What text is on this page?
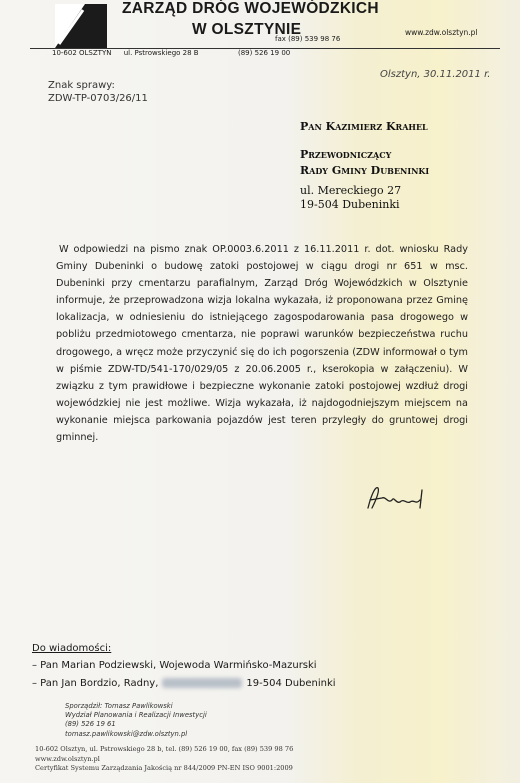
ZARZĄD DRÓG WOJEWÓDZKICH
W OLSZTYNIE
fax (89) 539 98 76
www.zdw.olsztyn.pl
10-602 OLSZTYN ul. Pstrowskiego 28 B	(89) 526 19 00
Znak sprawy:
ZDW-TP-0703/26/11
Olsztyn, 30.11.2011 r.
Pan Kazimierz Krahel
Przewodniczący
Rady Gminy Dubeninki
ul. Mereckiego 27
19-504 Dubeninki

W odpowiedzi na pismo znak OP.0003.6.2011 z 16.11.2011 r. dot. wniosku Rady Gminy Dubeninki o budowę zatoki postojowej w ciągu drogi nr 651 w msc. Dubeninki przy cmentarzu parafialnym, Zarząd Dróg Wojewódzkich w Olsztynie informuje, że przeprowadzona wizja lokalna wykazała, iż proponowana przez Gminę lokalizacja, w odniesieniu do istniejącego zagospodarowania pasa drogowego w pobliżu przedmiotowego cmentarza, nie poprawi warunków bezpieczeństwa ruchu drogowego, a wręcz może przyczynić się do ich pogorszenia (ZDW informował o tym w piśmie ZDW-TD/541-170/029/05 z 20.06.2005 r., kserokopia w załączeniu). W związku z tym prawidłowe i bezpieczne wykonanie zatoki postojowej wzdłuż drogi wojewódzkiej nie jest możliwe. Wizja wykazała, iż najdogodniejszym miejscem na wykonanie miejsca parkowania pojazdów jest teren przyległy do gruntowej drogi gminnej.

Do wiadomości:
– Pan Marian Podziewski, Wojewoda Warmińsko-Mazurski
– Pan Jan Bordzio, Radny,	19-504 Dubeninki
Sporządził: Tomasz Pawlikowski
Wydział Planowania i Realizacji Inwestycji
(89) 526 19 61
tomasz.pawlikowski@zdw.olsztyn.pl
10-602 Olsztyn, ul. Pstrowskiego 28 b, tel. (89) 526 19 00, fax (89) 539 98 76
www.zdw.olsztyn.pl
Certyfikat Systemu Zarządzania Jakością nr 844/2009 PN-EN ISO 9001:2009
